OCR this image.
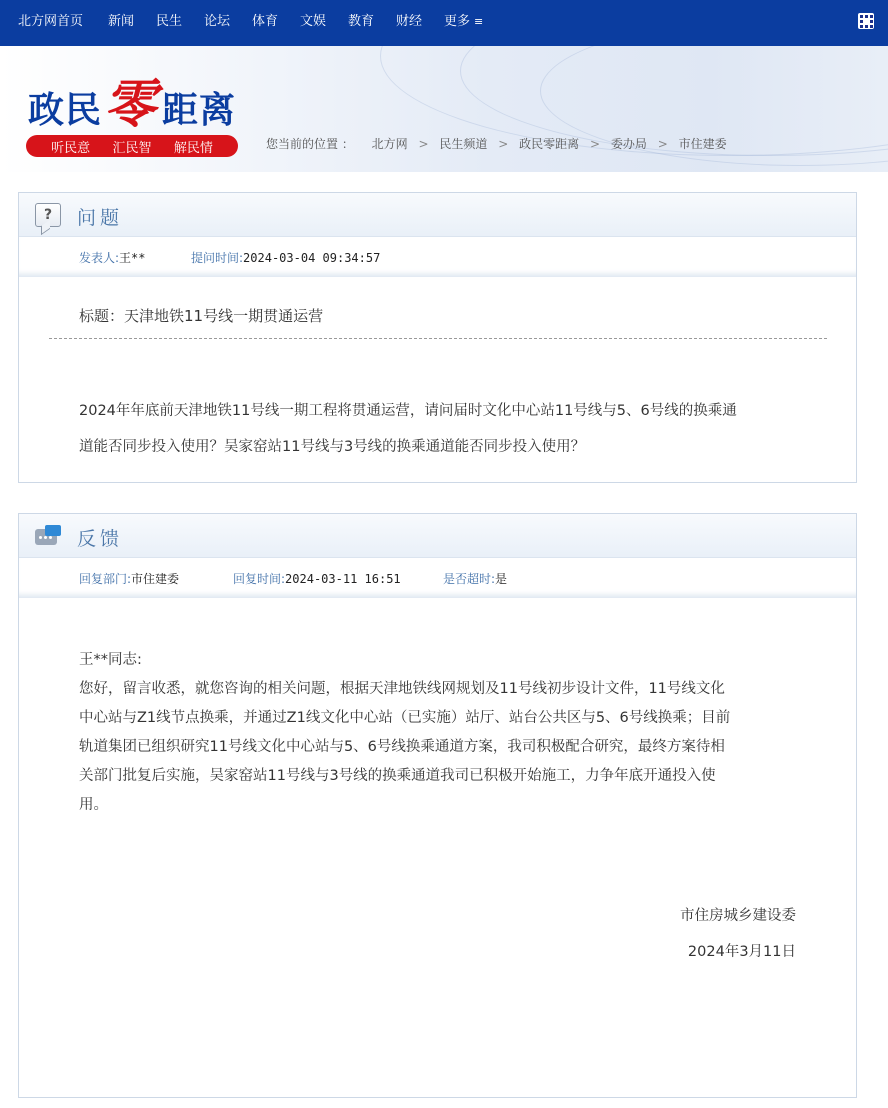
北方网首页 新闻 民生 论坛 体育 文娱 教育 财经 更多 ≡
政民 零 距离
听民意 汇民智 解民情	您当前的位置 ： 北方网 > 民生频道 > 政民零距离 > 委办局 > 市住建委
?	问题
发表人:王**	提问时间:2024-03-04 09:34:57
标题：天津地铁11号线一期贯通运营
2024年年底前天津地铁11号线一期工程将贯通运营，请问届时文化中心站11号线与5、6号线的换乘通
道能否同步投入使用？吴家窑站11号线与3号线的换乘通道能否同步投入使用？
反馈
回复部门:市住建委	回复时间:2024-03-11 16:51	是否超时:是
王**同志:
您好，留言收悉，就您咨询的相关问题，根据天津地铁线网规划及11号线初步设计文件，11号线文化
中心站与Z1线节点换乘，并通过Z1线文化中心站（已实施）站厅、站台公共区与5、6号线换乘；目前
轨道集团已组织研究11号线文化中心站与5、6号线换乘通道方案，我司积极配合研究，最终方案待相
关部门批复后实施，吴家窑站11号线与3号线的换乘通道我司已积极开始施工，力争年底开通投入使
用。
市住房城乡建设委
2024年3月11日
